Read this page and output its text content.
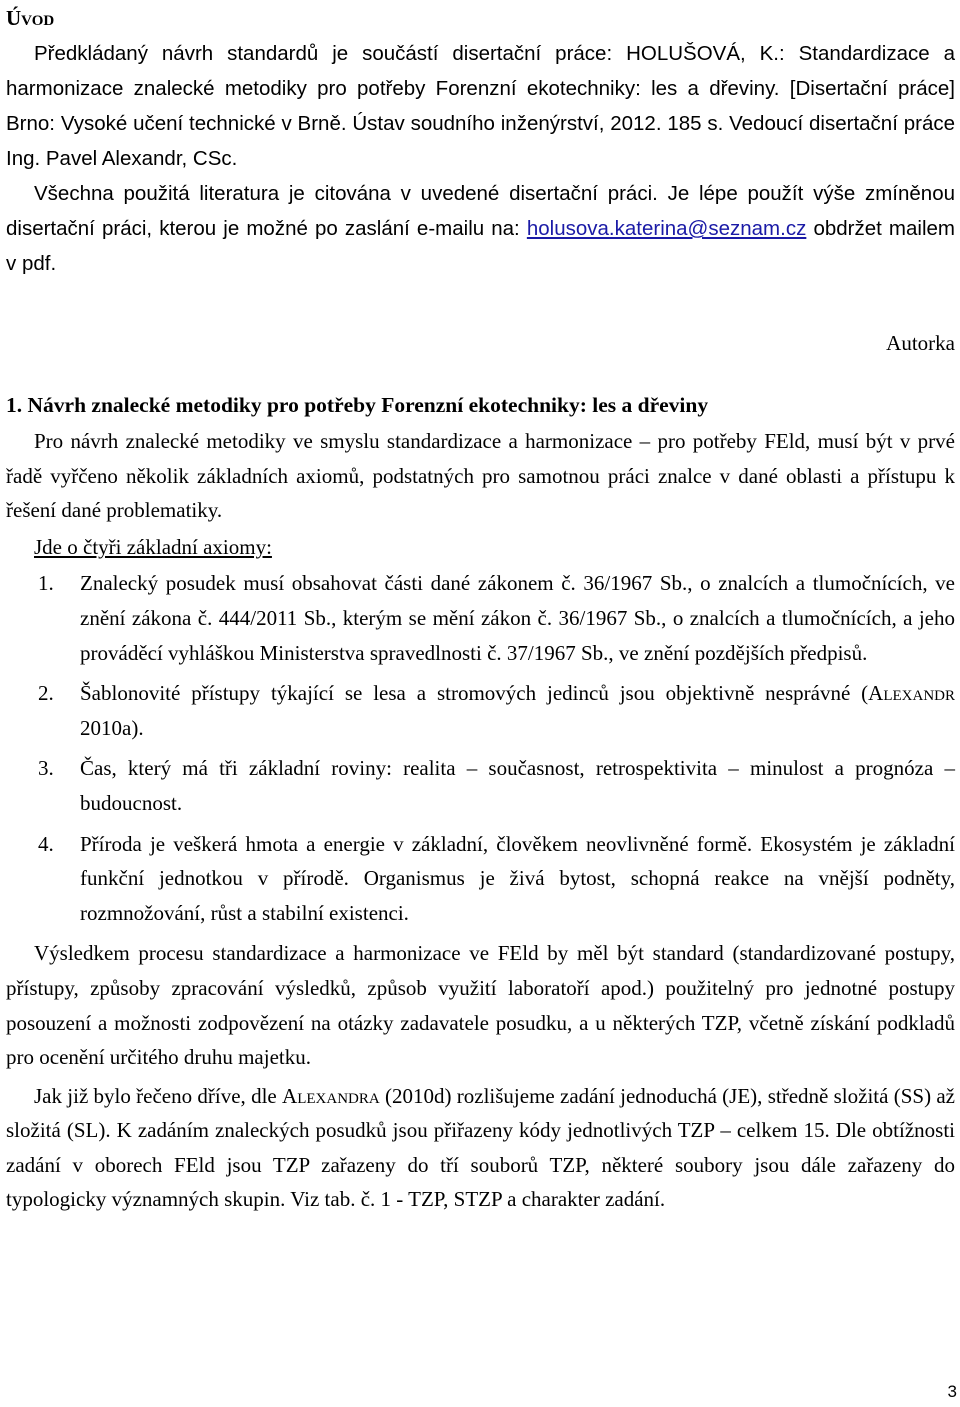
Úvod

Předkládaný návrh standardů je součástí disertační práce: HOLUŠOVÁ, K.: Standardizace a harmonizace znalecké metodiky pro potřeby Forenzní ekotechniky: les a dřeviny. [Disertační práce] Brno: Vysoké učení technické v Brně. Ústav soudního inženýrství, 2012. 185 s. Vedoucí disertační práce Ing. Pavel Alexandr, CSc.

Všechna použitá literatura je citována v uvedené disertační práci. Je lépe použít výše zmíněnou disertační práci, kterou je možné po zaslání e-mailu na: holusova.katerina@seznam.cz obdržet mailem v pdf.

Autorka
1. Návrh znalecké metodiky pro potřeby Forenzní ekotechniky: les a dřeviny

Pro návrh znalecké metodiky ve smyslu standardizace a harmonizace – pro potřeby FEld, musí být v prvé řadě vyřčeno několik základních axiomů, podstatných pro samotnou práci znalce v dané oblasti a přístupu k řešení dané problematiky.

Jde o čtyři základní axiomy:
1. Znalecký posudek musí obsahovat části dané zákonem č. 36/1967 Sb., o znalcích a tlumočnících, ve znění zákona č. 444/2011 Sb., kterým se mění zákon č. 36/1967 Sb., o znalcích a tlumočnících, a jeho prováděcí vyhláškou Ministerstva spravedlnosti č. 37/1967 Sb., ve znění pozdějších předpisů.
2. Šablonovité přístupy týkající se lesa a stromových jedinců jsou objektivně nesprávné (Alexandr 2010a).
3. Čas, který má tři základní roviny: realita – současnost, retrospektivita – minulost a prognóza – budoucnost.
4. Příroda je veškerá hmota a energie v základní, člověkem neovlivněné formě. Ekosystém je základní funkční jednotkou v přírodě. Organismus je živá bytost, schopná reakce na vnější podněty, rozmnožování, růst a stabilní existenci.

Výsledkem procesu standardizace a harmonizace ve FEld by měl být standard (standardizované postupy, přístupy, způsoby zpracování výsledků, způsob využití laboratoří apod.) použitelný pro jednotné postupy posouzení a možnosti zodpovězení na otázky zadavatele posudku, a u některých TZP, včetně získání podkladů pro ocenění určitého druhu majetku.

Jak již bylo řečeno dříve, dle Alexandra (2010d) rozlišujeme zadání jednoduchá (JE), středně složitá (SS) až složitá (SL). K zadáním znaleckých posudků jsou přiřazeny kódy jednotlivých TZP – celkem 15. Dle obtížnosti zadání v oborech FEld jsou TZP zařazeny do tří souborů TZP, některé soubory jsou dále zařazeny do typologicky významných skupin. Viz tab. č. 1 - TZP, STZP a charakter zadání.

3
